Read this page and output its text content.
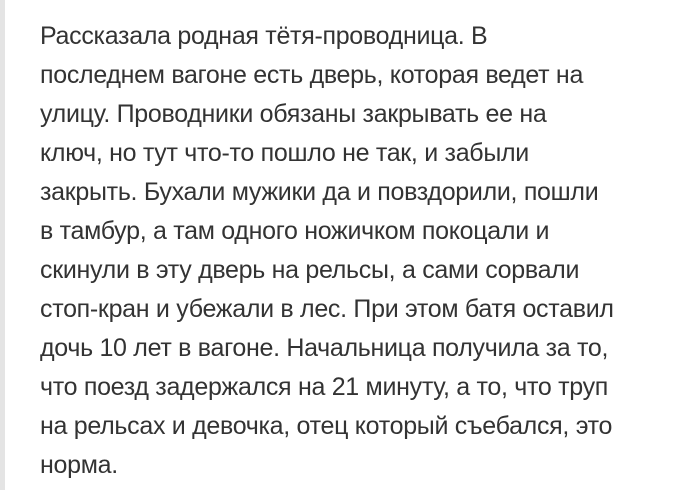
Рассказала родная тётя-проводница. В
последнем вагоне есть дверь, которая ведет на
улицу. Проводники обязаны закрывать ее на
ключ, но тут что-то пошло не так, и забыли
закрыть. Бухали мужики да и повздорили, пошли
в тамбур, а там одного ножичком покоцали и
скинули в эту дверь на рельсы, а сами сорвали
стоп-кран и убежали в лес. При этом батя оставил
дочь 10 лет в вагоне. Начальница получила за то,
что поезд задержался на 21 минуту, а то, что труп
на рельсах и девочка, отец который съебался, это
норма.
